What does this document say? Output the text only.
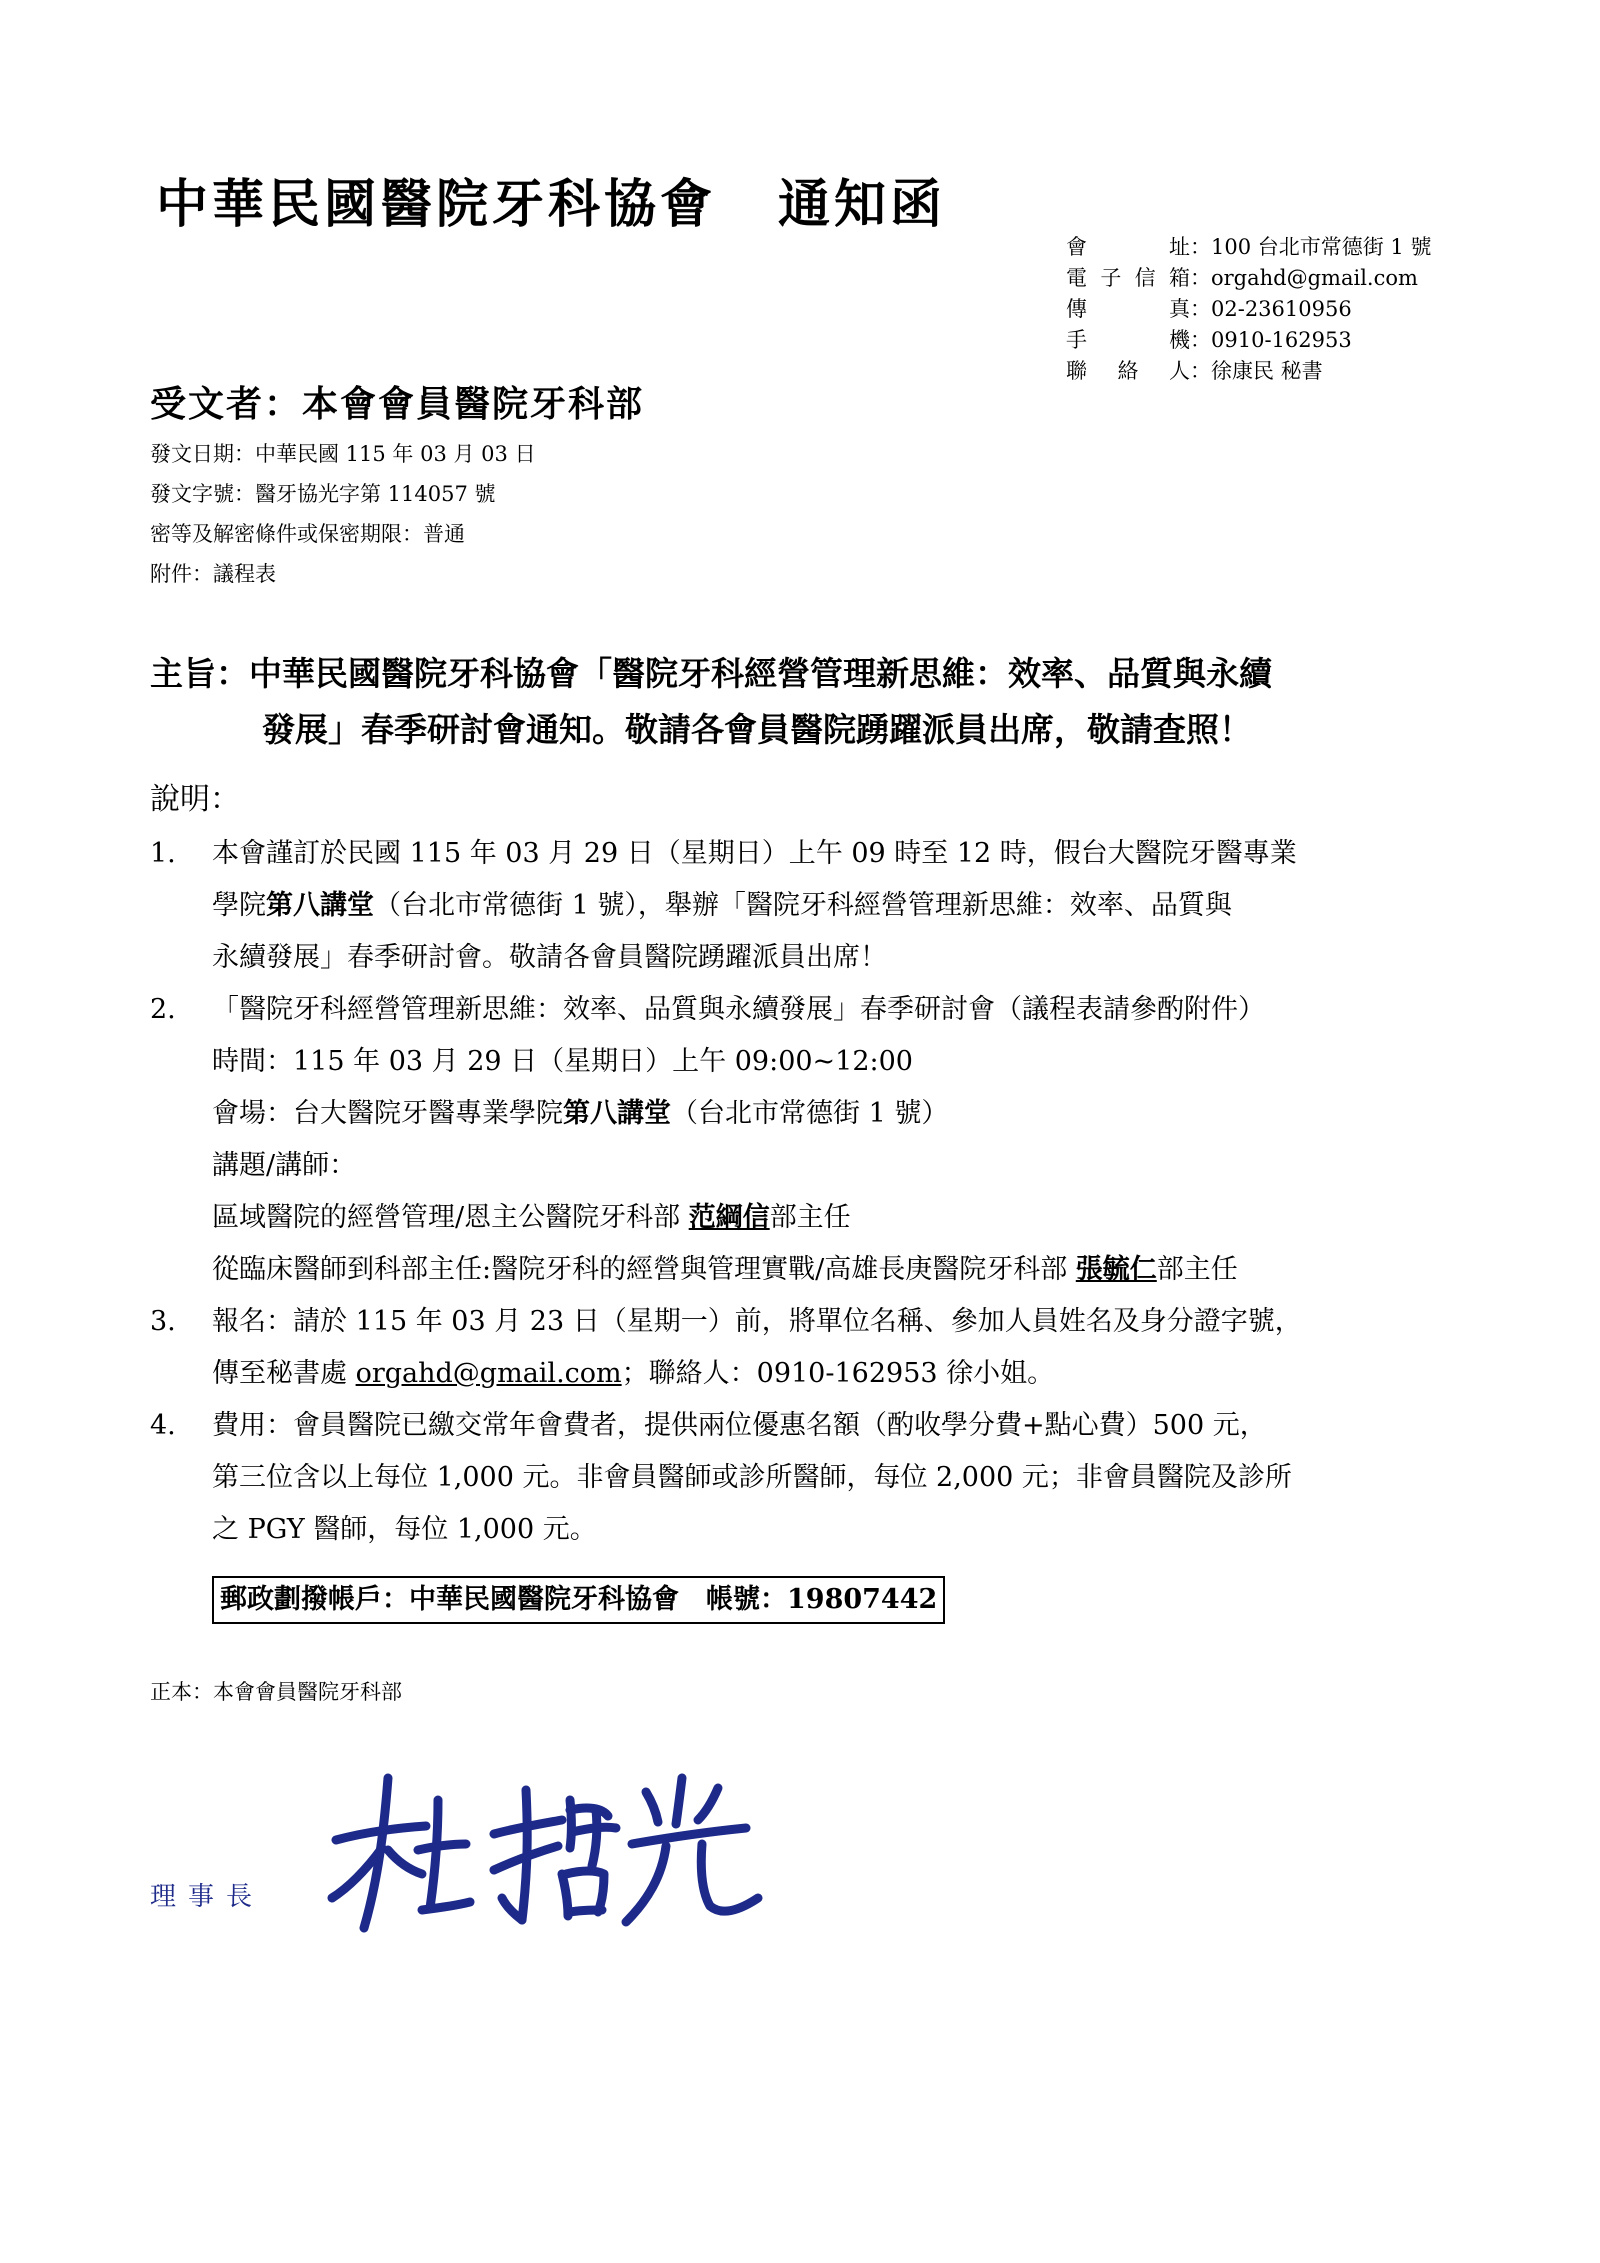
中華民國醫院牙科協會 通知函
會址 ：100 台北市常德街 1 號
電子信箱 ：orgahd@gmail.com
傳真 ：02-23610956
手機 ：0910-162953
聯絡人 ：徐康民 秘書
受文者：本會會員醫院牙科部
發文日期：中華民國 115 年 03 月 03 日
發文字號：醫牙協光字第 114057 號
密等及解密條件或保密期限：普通
附件：議程表
主旨：中華民國醫院牙科協會「醫院牙科經營管理新思維：效率、品質與永續
發展」春季研討會通知。敬請各會員醫院踴躍派員出席，敬請查照！
說明：
1.	本會謹訂於民國 115 年 03 月 29 日（星期日）上午 09 時至 12 時，假台大醫院牙醫專業
學院第八講堂（台北市常德街 1 號），舉辦「醫院牙科經營管理新思維：效率、品質與
永續發展」春季研討會。敬請各會員醫院踴躍派員出席！
2.	「醫院牙科經營管理新思維：效率、品質與永續發展」春季研討會（議程表請參酌附件）
時間：115 年 03 月 29 日（星期日）上午 09:00~12:00
會場：台大醫院牙醫專業學院第八講堂（台北市常德街 1 號）
講題/講師：
區域醫院的經營管理/恩主公醫院牙科部 范綱信部主任
從臨床醫師到科部主任:醫院牙科的經營與管理實戰/高雄長庚醫院牙科部 張毓仁部主任
3.	報名：請於 115 年 03 月 23 日（星期一）前，將單位名稱、參加人員姓名及身分證字號，
傳至秘書處 orgahd@gmail.com；聯絡人：0910-162953 徐小姐。
4.	費用：會員醫院已繳交常年會費者，提供兩位優惠名額（酌收學分費+點心費）500 元，
第三位含以上每位 1,000 元。非會員醫師或診所醫師，每位 2,000 元；非會員醫院及診所
之 PGY 醫師，每位 1,000 元。
郵政劃撥帳戶：中華民國醫院牙科協會　帳號：19807442
正本：本會會員醫院牙科部
理事長
